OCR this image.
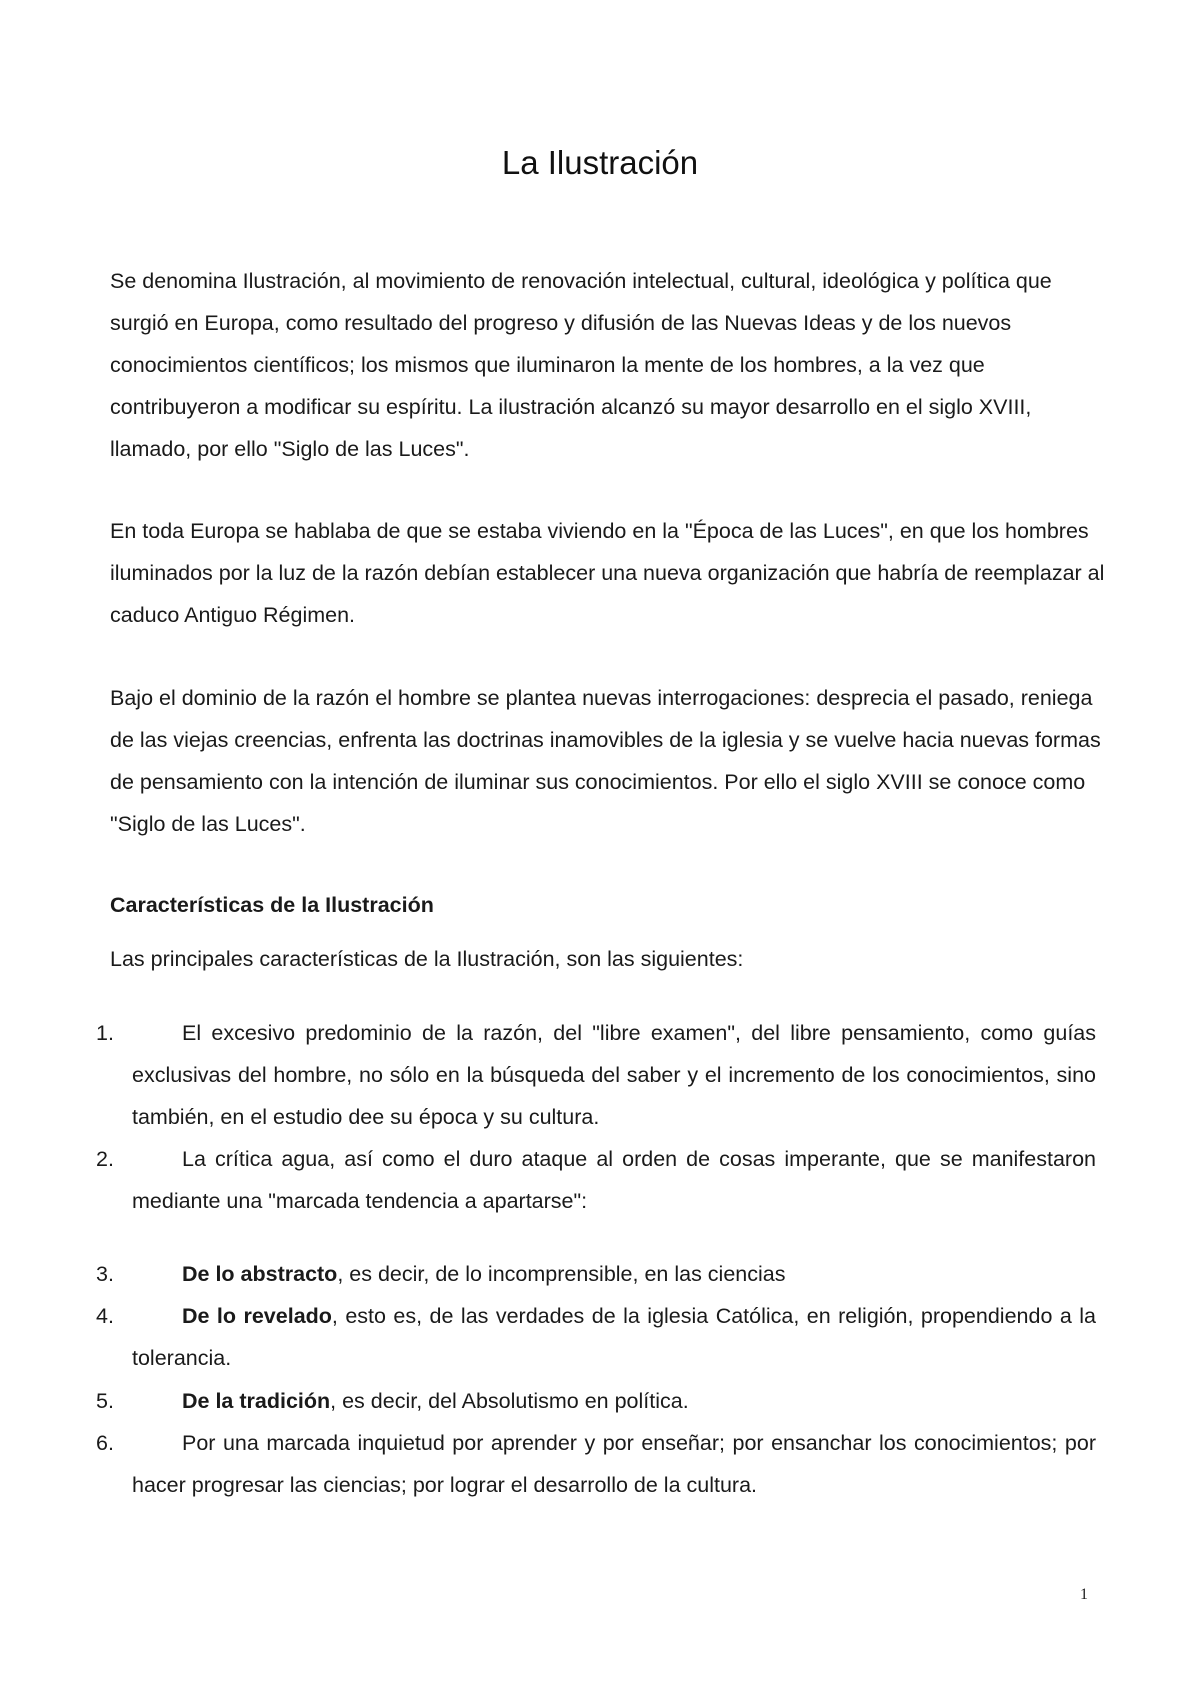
La Ilustración

Se denomina Ilustración, al movimiento de renovación intelectual, cultural, ideológica y política que surgió en Europa, como resultado del progreso y difusión de las Nuevas Ideas y de los nuevos conocimientos científicos; los mismos que iluminaron la mente de los hombres, a la vez que contribuyeron a modificar su espíritu. La ilustración alcanzó su mayor desarrollo en el siglo XVIII, llamado, por ello "Siglo de las Luces".

En toda Europa se hablaba de que se estaba viviendo en la "Época de las Luces", en que los hombres iluminados por la luz de la razón debían establecer una nueva organización que habría de reemplazar al caduco Antiguo Régimen.

Bajo el dominio de la razón el hombre se plantea nuevas interrogaciones: desprecia el pasado, reniega de las viejas creencias, enfrenta las doctrinas inamovibles de la iglesia y se vuelve hacia nuevas formas de pensamiento con la intención de iluminar sus conocimientos. Por ello el siglo XVIII se conoce como "Siglo de las Luces".

Características de la Ilustración

Las principales características de la Ilustración, son las siguientes:

1.	El excesivo predominio de la razón, del "libre examen", del libre pensamiento, como guías exclusivas del hombre, no sólo en la búsqueda del saber y el incremento de los conocimientos, sino también, en el estudio dee su época y su cultura.
2.	La crítica agua, así como el duro ataque al orden de cosas imperante, que se manifestaron mediante una "marcada tendencia a apartarse":
3.	De lo abstracto, es decir, de lo incomprensible, en las ciencias
4.	De lo revelado, esto es, de las verdades de la iglesia Católica, en religión, propendiendo a la tolerancia.
5.	De la tradición, es decir, del Absolutismo en política.
6.	Por una marcada inquietud por aprender y por enseñar; por ensanchar los conocimientos; por hacer progresar las ciencias; por lograr el desarrollo de la cultura.
1
